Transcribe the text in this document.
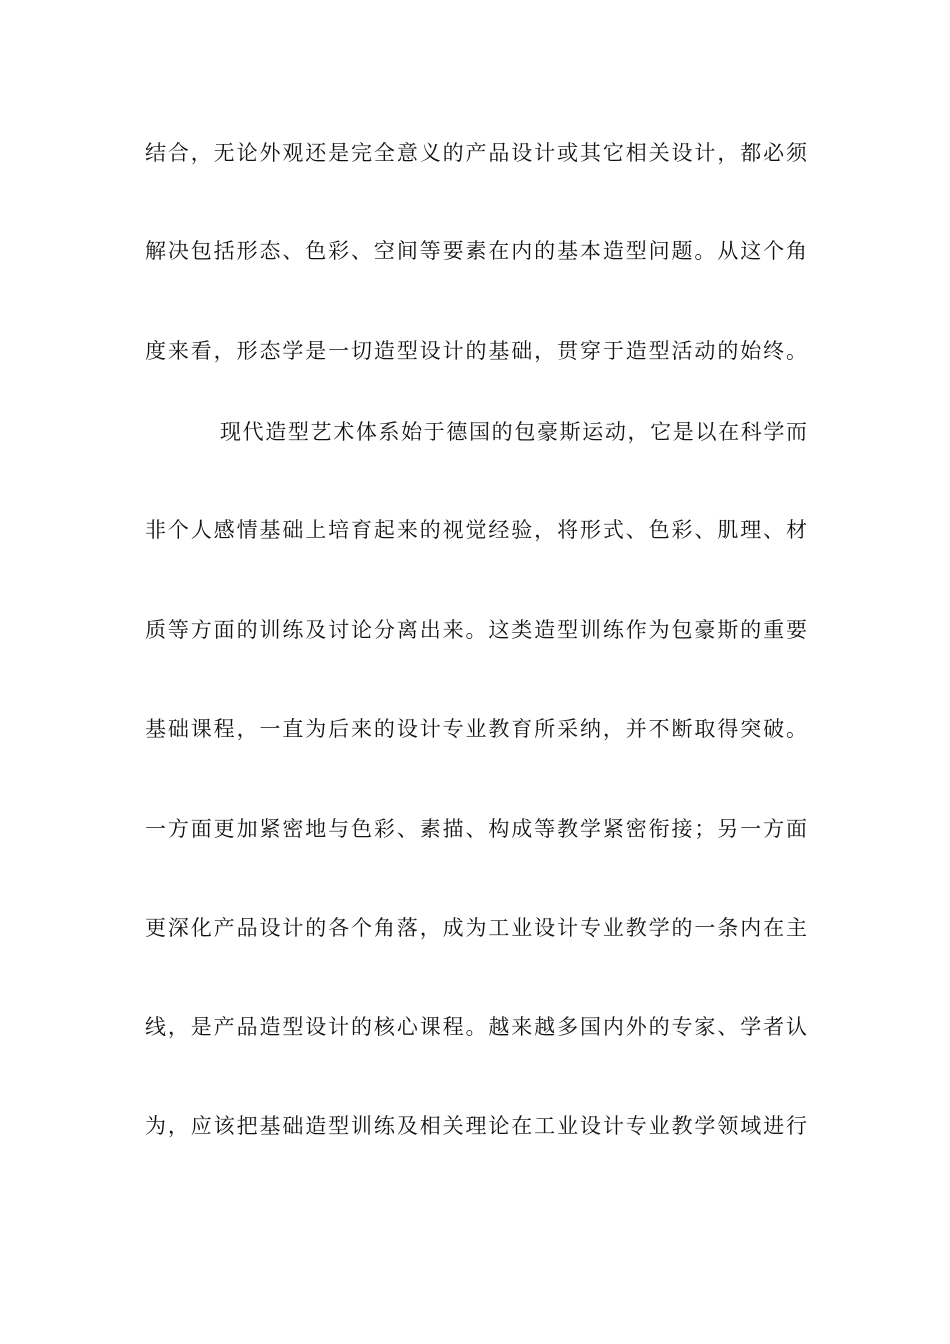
结合，无论外观还是完全意义的产品设计或其它相关设计，都必须
解决包括形态、色彩、空间等要素在内的基本造型问题。从这个角
度来看，形态学是一切造型设计的基础，贯穿于造型活动的始终。
现代造型艺术体系始于德国的包豪斯运动，它是以在科学而
非个人感情基础上培育起来的视觉经验，将形式、色彩、肌理、材
质等方面的训练及讨论分离出来。这类造型训练作为包豪斯的重要
基础课程，一直为后来的设计专业教育所采纳，并不断取得突破。
一方面更加紧密地与色彩、素描、构成等教学紧密衔接；另一方面
更深化产品设计的各个角落，成为工业设计专业教学的一条内在主
线，是产品造型设计的核心课程。越来越多国内外的专家、学者认
为，应该把基础造型训练及相关理论在工业设计专业教学领域进行
